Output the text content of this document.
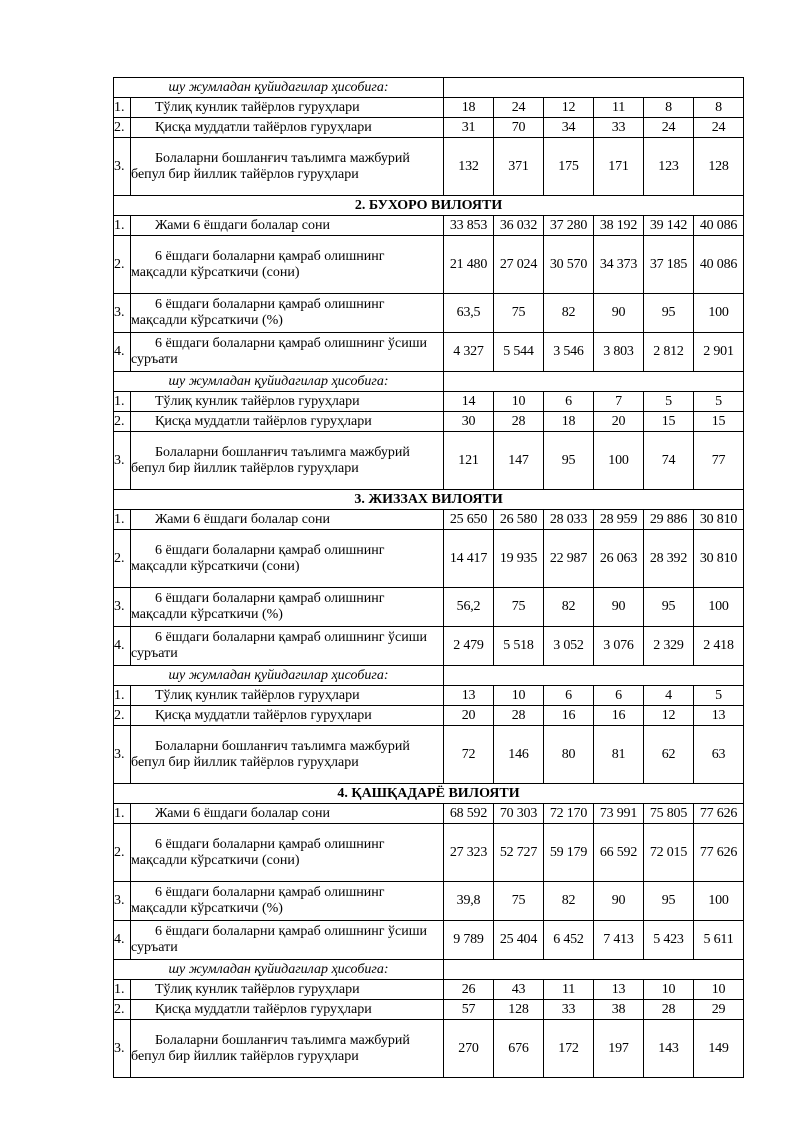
шу жумладан қуйидагилар ҳисобига:							
1.	Тўлиқ кунлик тайёрлов гуруҳлари	18	24	12	11	8	8
2.	Қисқа муддатли тайёрлов гуруҳлари	31	70	34	33	24	24
3.	Болаларни бошланғич таълимга мажбурий бепул бир йиллик тайёрлов гуруҳлари	132	371	175	171	123	128
2. БУХОРО ВИЛОЯТИ							
1.	Жами 6 ёшдаги болалар сони	33 853	36 032	37 280	38 192	39 142	40 086
2.	6 ёшдаги болаларни қамраб олишнинг мақсадли кўрсаткичи (сони)	21 480	27 024	30 570	34 373	37 185	40 086
3.	6 ёшдаги болаларни қамраб олишнинг мақсадли кўрсаткичи (%)	63,5	75	82	90	95	100
4.	6 ёшдаги болаларни қамраб олишнинг ўсиши суръати	4 327	5 544	3 546	3 803	2 812	2 901
шу жумладан қуйидагилар ҳисобига:							
1.	Тўлиқ кунлик тайёрлов гуруҳлари	14	10	6	7	5	5
2.	Қисқа муддатли тайёрлов гуруҳлари	30	28	18	20	15	15
3.	Болаларни бошланғич таълимга мажбурий бепул бир йиллик тайёрлов гуруҳлари	121	147	95	100	74	77
3. ЖИЗЗАХ ВИЛОЯТИ							
1.	Жами 6 ёшдаги болалар сони	25 650	26 580	28 033	28 959	29 886	30 810
2.	6 ёшдаги болаларни қамраб олишнинг мақсадли кўрсаткичи (сони)	14 417	19 935	22 987	26 063	28 392	30 810
3.	6 ёшдаги болаларни қамраб олишнинг мақсадли кўрсаткичи (%)	56,2	75	82	90	95	100
4.	6 ёшдаги болаларни қамраб олишнинг ўсиши суръати	2 479	5 518	3 052	3 076	2 329	2 418
шу жумладан қуйидагилар ҳисобига:							
1.	Тўлиқ кунлик тайёрлов гуруҳлари	13	10	6	6	4	5
2.	Қисқа муддатли тайёрлов гуруҳлари	20	28	16	16	12	13
3.	Болаларни бошланғич таълимга мажбурий бепул бир йиллик тайёрлов гуруҳлари	72	146	80	81	62	63
4. ҚАШҚАДАРЁ ВИЛОЯТИ							
1.	Жами 6 ёшдаги болалар сони	68 592	70 303	72 170	73 991	75 805	77 626
2.	6 ёшдаги болаларни қамраб олишнинг мақсадли кўрсаткичи (сони)	27 323	52 727	59 179	66 592	72 015	77 626
3.	6 ёшдаги болаларни қамраб олишнинг мақсадли кўрсаткичи (%)	39,8	75	82	90	95	100
4.	6 ёшдаги болаларни қамраб олишнинг ўсиши суръати	9 789	25 404	6 452	7 413	5 423	5 611
шу жумладан қуйидагилар ҳисобига:							
1.	Тўлиқ кунлик тайёрлов гуруҳлари	26	43	11	13	10	10
2.	Қисқа муддатли тайёрлов гуруҳлари	57	128	33	38	28	29
3.	Болаларни бошланғич таълимга мажбурий бепул бир йиллик тайёрлов гуруҳлари	270	676	172	197	143	149
